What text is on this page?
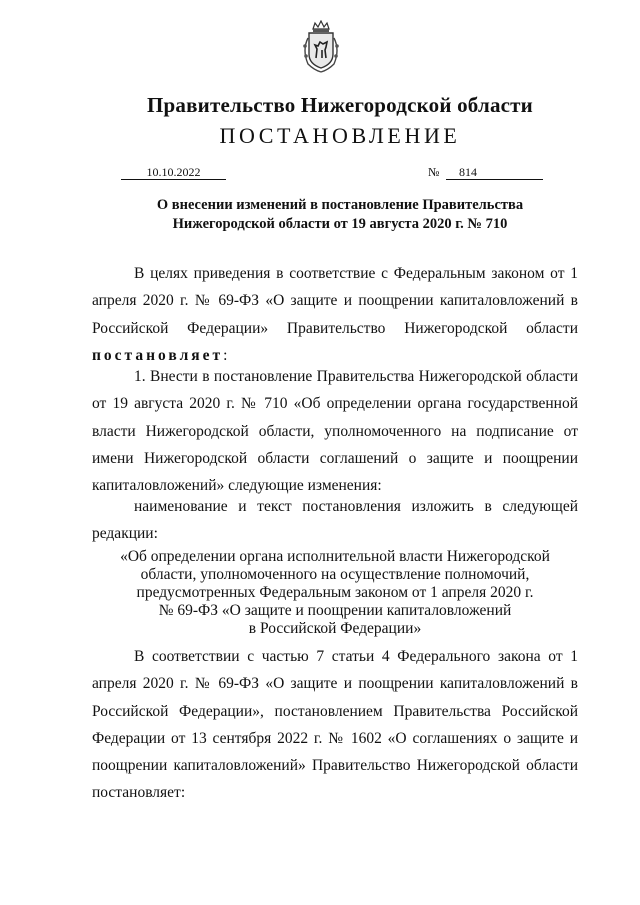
Правительство Нижегородской области
ПОСТАНОВЛЕНИЕ
10.10.2022	№ 814
О внесении изменений в постановление Правительства
Нижегородской области от 19 августа 2020 г. № 710
В целях приведения в соответствие с Федеральным законом от 1 апреля 2020 г. № 69-ФЗ «О защите и поощрении капиталовложений в Российской Федерации» Правительство Нижегородской области постановляет:
1. Внести в постановление Правительства Нижегородской области от 19 августа 2020 г. № 710 «Об определении органа государственной власти Нижегородской области, уполномоченного на подписание от имени Нижегородской области соглашений о защите и поощрении капиталовложений» следующие изменения:
наименование и текст постановления изложить в следующей редакции:
«Об определении органа исполнительной власти Нижегородской
области, уполномоченного на осуществление полномочий,
предусмотренных Федеральным законом от 1 апреля 2020 г.
№ 69-ФЗ «О защите и поощрении капиталовложений
в Российской Федерации»
В соответствии с частью 7 статьи 4 Федерального закона от 1 апреля 2020 г. № 69-ФЗ «О защите и поощрении капиталовложений в Российской Федерации», постановлением Правительства Российской Федерации от 13 сентября 2022 г. № 1602 «О соглашениях о защите и поощрении капиталовложений» Правительство Нижегородской области постановляет:
